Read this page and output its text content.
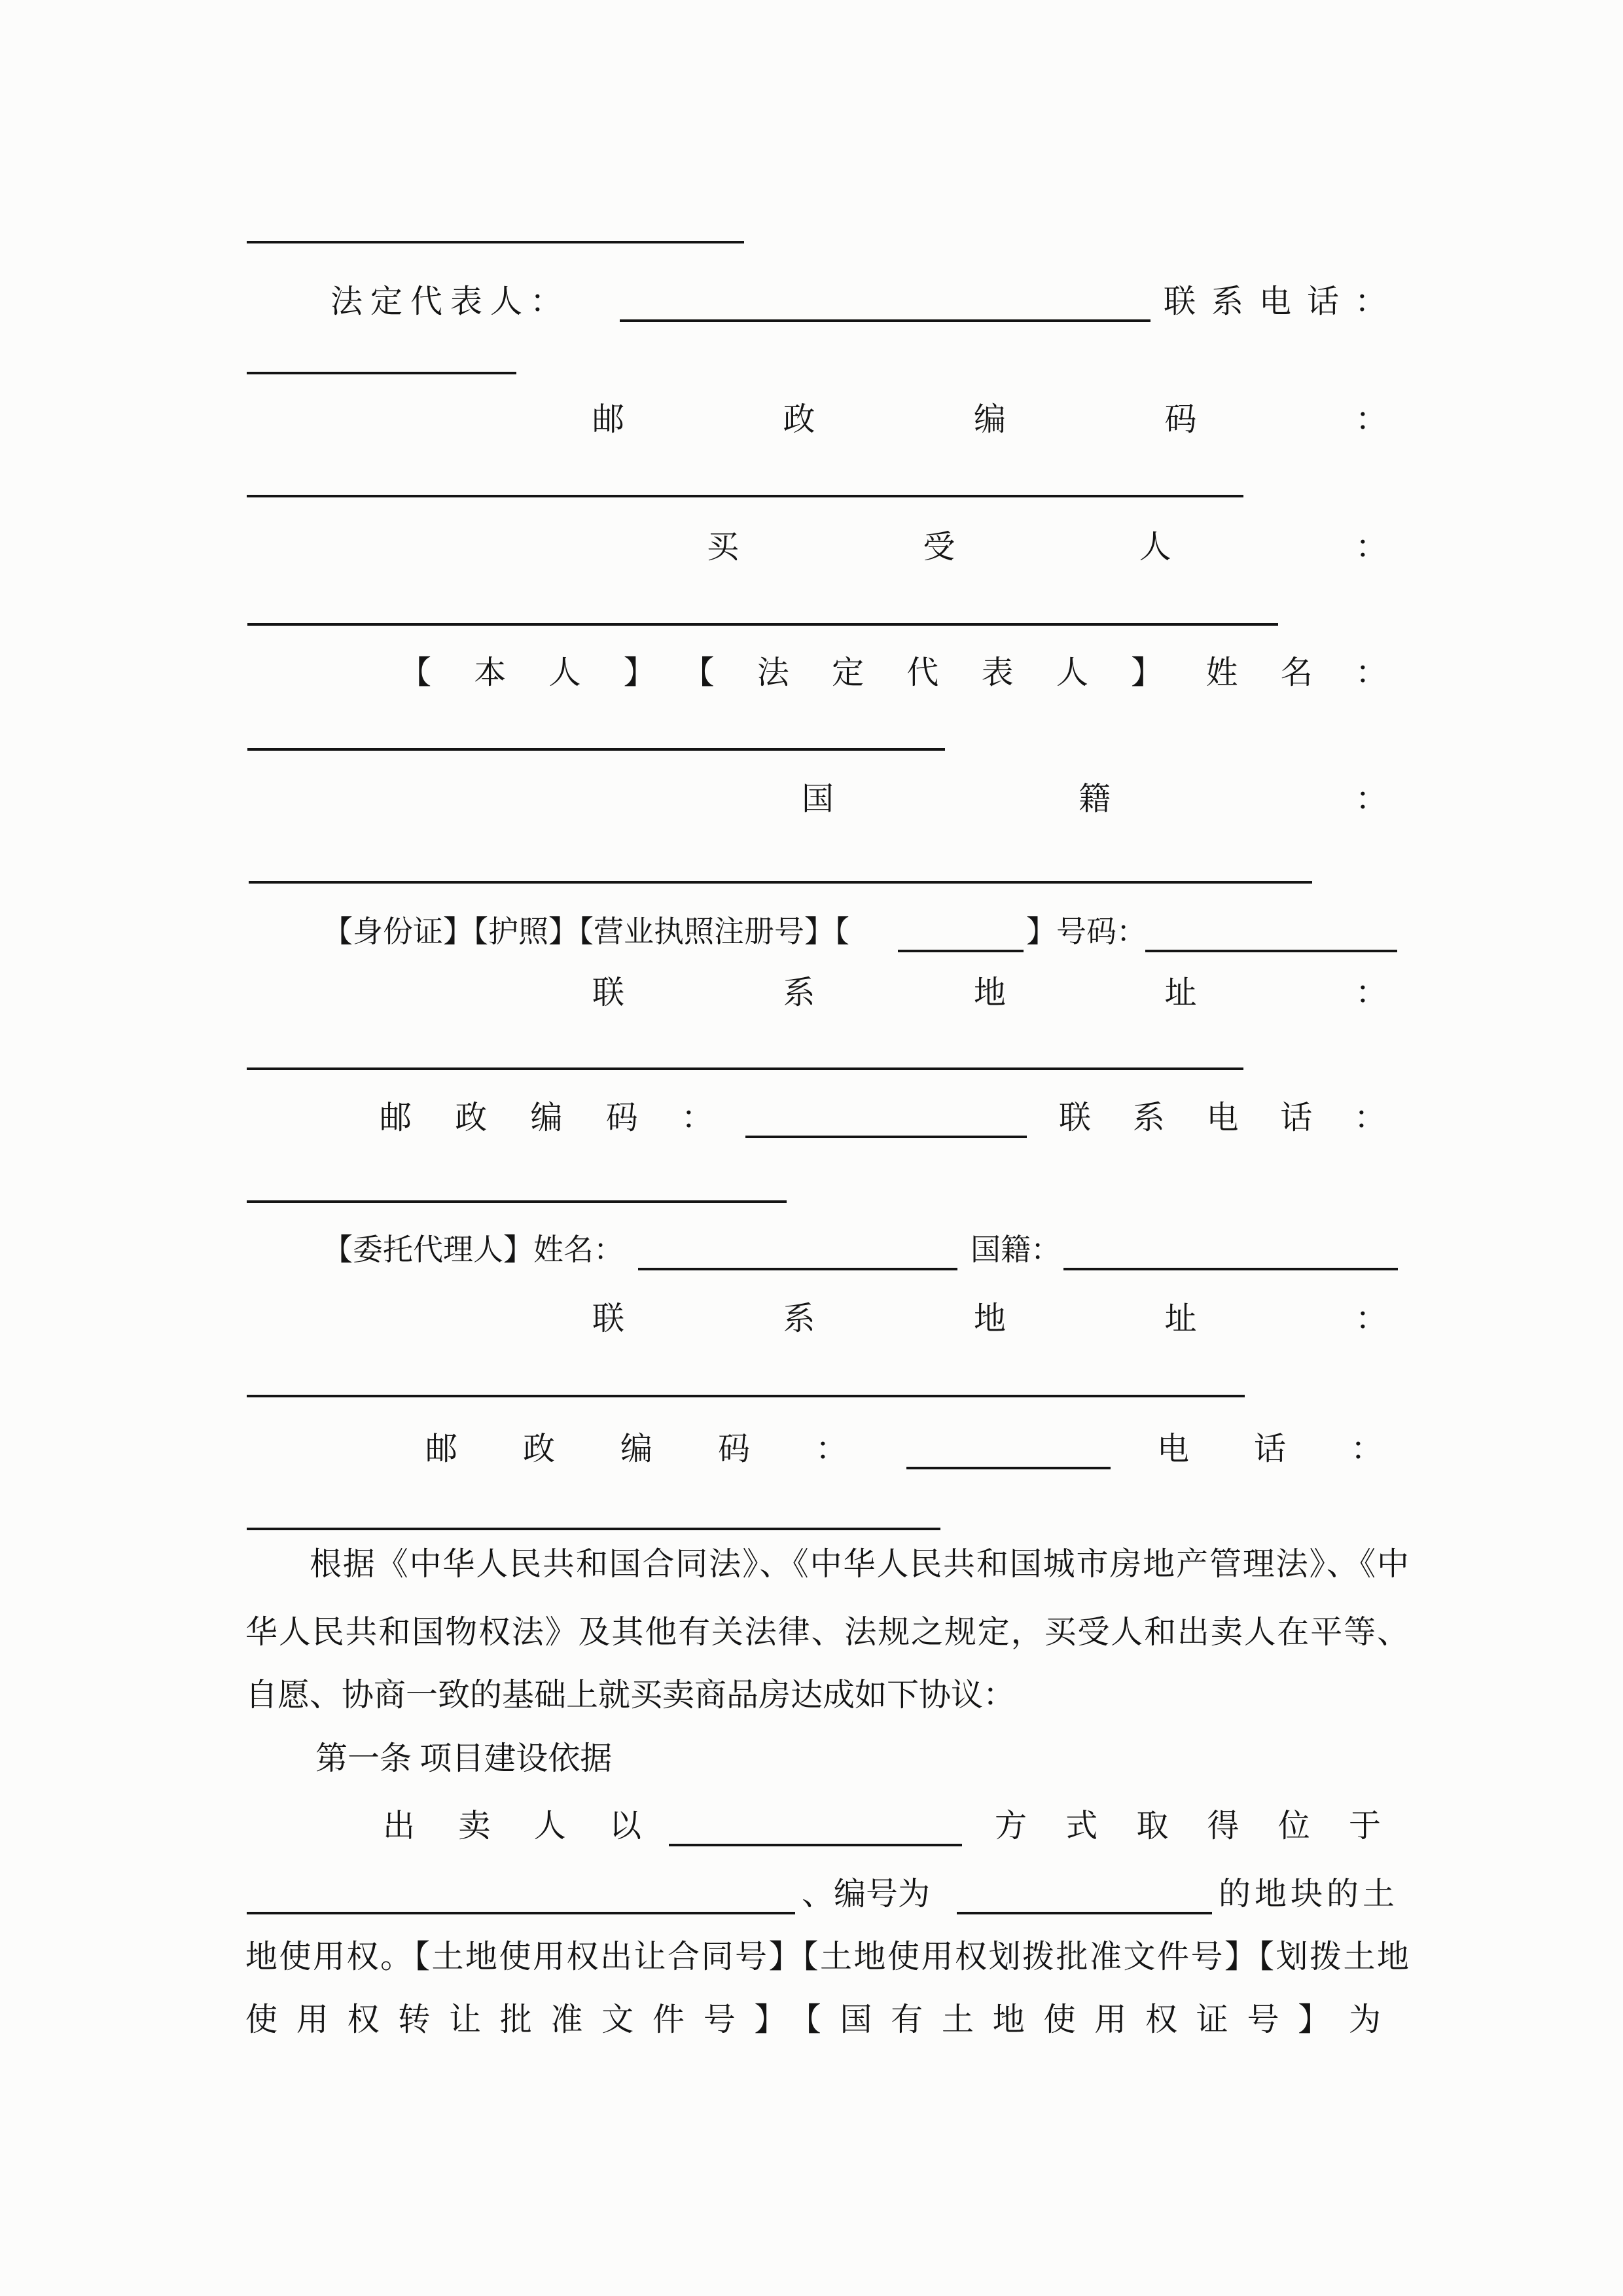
法定代表人：	联系电话：
邮政编码：
买受人：
【本人】【法定代表人】姓名：
国籍：
【身份证】【护照】【营业执照注册号】【	】号码：
联系地址：
邮政编码：	联系电话：
【委托代理人】姓名：	国籍：
联系地址：
邮政编码：	电话：
根据《中华人民共和国合同法》、《中华人民共和国城市房地产管理法》、《中
华人民共和国物权法》及其他有关法律、法规之规定，买受人和出卖人在平等、
自愿、协商一致的基础上就买卖商品房达成如下协议：
第一条 项目建设依据
出卖人以	方式取得位于
、编号为	的地块的土
地使用权。【土地使用权出让合同号】【土地使用权划拨批准文件号】【划拨土地
使用权转让批准文件号】【国有土地使用权证号】为
